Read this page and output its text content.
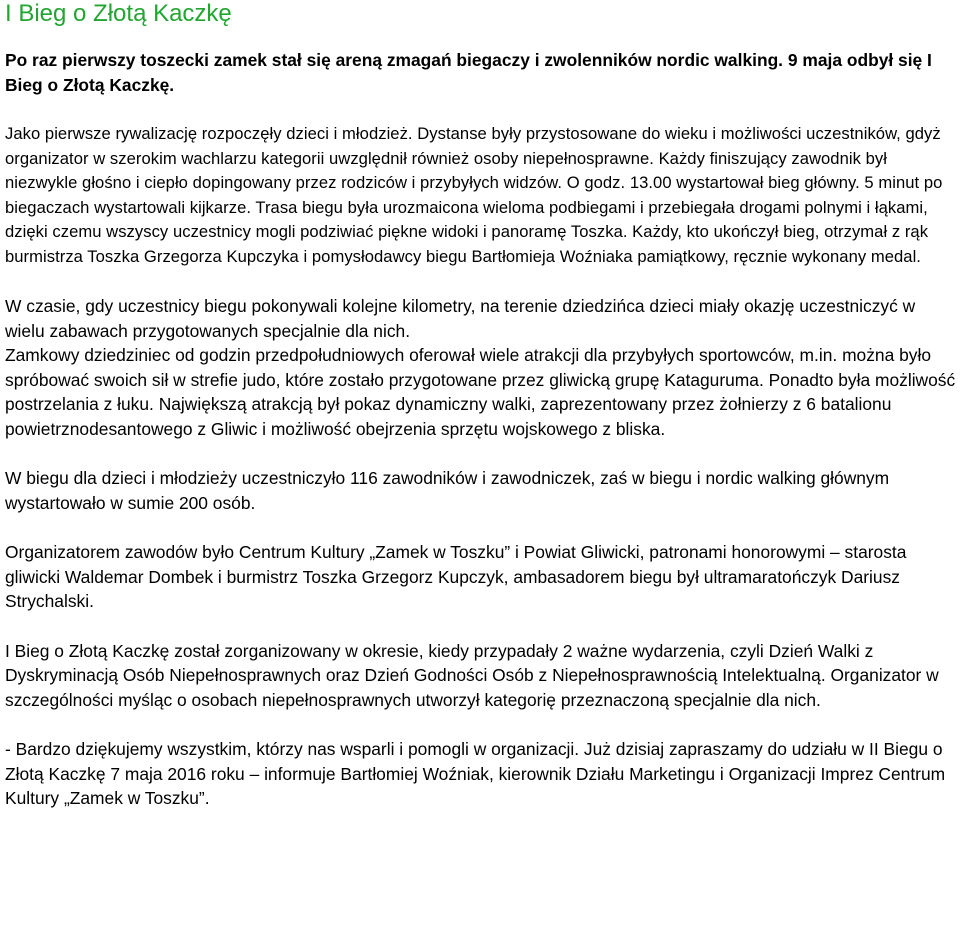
I Bieg o Złotą Kaczkę

Po raz pierwszy toszecki zamek stał się areną zmagań biegaczy i zwolenników nordic walking. 9 maja odbył się I Bieg o Złotą Kaczkę.

Jako pierwsze rywalizację rozpoczęły dzieci i młodzież. Dystanse były przystosowane do wieku i możliwości uczestników, gdyż organizator w szerokim wachlarzu kategorii uwzględnił również osoby niepełnosprawne. Każdy finiszujący zawodnik był niezwykle głośno i ciepło dopingowany przez rodziców i przybyłych widzów. O godz. 13.00 wystartował bieg główny. 5 minut po biegaczach wystartowali kijkarze. Trasa biegu była urozmaicona wieloma podbiegami i przebiegała drogami polnymi i łąkami, dzięki czemu wszyscy uczestnicy mogli podziwiać piękne widoki i panoramę Toszka. Każdy, kto ukończył bieg, otrzymał z rąk burmistrza Toszka Grzegorza Kupczyka i pomysłodawcy biegu Bartłomieja Woźniaka pamiątkowy, ręcznie wykonany medal.

W czasie, gdy uczestnicy biegu pokonywali kolejne kilometry, na terenie dziedzińca dzieci miały okazję uczestniczyć w wielu zabawach przygotowanych specjalnie dla nich.

Zamkowy dziedziniec od godzin przedpołudniowych oferował wiele atrakcji dla przybyłych sportowców, m.in. można było spróbować swoich sił w strefie judo, które zostało przygotowane przez gliwicką grupę Kataguruma. Ponadto była możliwość postrzelania z łuku. Największą atrakcją był pokaz dynamiczny walki, zaprezentowany przez żołnierzy z 6 batalionu powietrznodesantowego z Gliwic i możliwość obejrzenia sprzętu wojskowego z bliska.

W biegu dla dzieci i młodzieży uczestniczyło 116 zawodników i zawodniczek, zaś w biegu i nordic walking głównym wystartowało w sumie 200 osób.

Organizatorem zawodów było Centrum Kultury „Zamek w Toszku” i Powiat Gliwicki, patronami honorowymi – starosta gliwicki Waldemar Dombek i burmistrz Toszka Grzegorz Kupczyk, ambasadorem biegu był ultramaratończyk Dariusz Strychalski.

I Bieg o Złotą Kaczkę został zorganizowany w okresie, kiedy przypadały 2 ważne wydarzenia, czyli Dzień Walki z Dyskryminacją Osób Niepełnosprawnych oraz Dzień Godności Osób z Niepełnosprawnością Intelektualną. Organizator w szczególności myśląc o osobach niepełnosprawnych utworzył kategorię przeznaczoną specjalnie dla nich.

- Bardzo dziękujemy wszystkim, którzy nas wsparli i pomogli w organizacji. Już dzisiaj zapraszamy do udziału w II Biegu o Złotą Kaczkę 7 maja 2016 roku – informuje Bartłomiej Woźniak, kierownik Działu Marketingu i Organizacji Imprez Centrum Kultury „Zamek w Toszku”.
